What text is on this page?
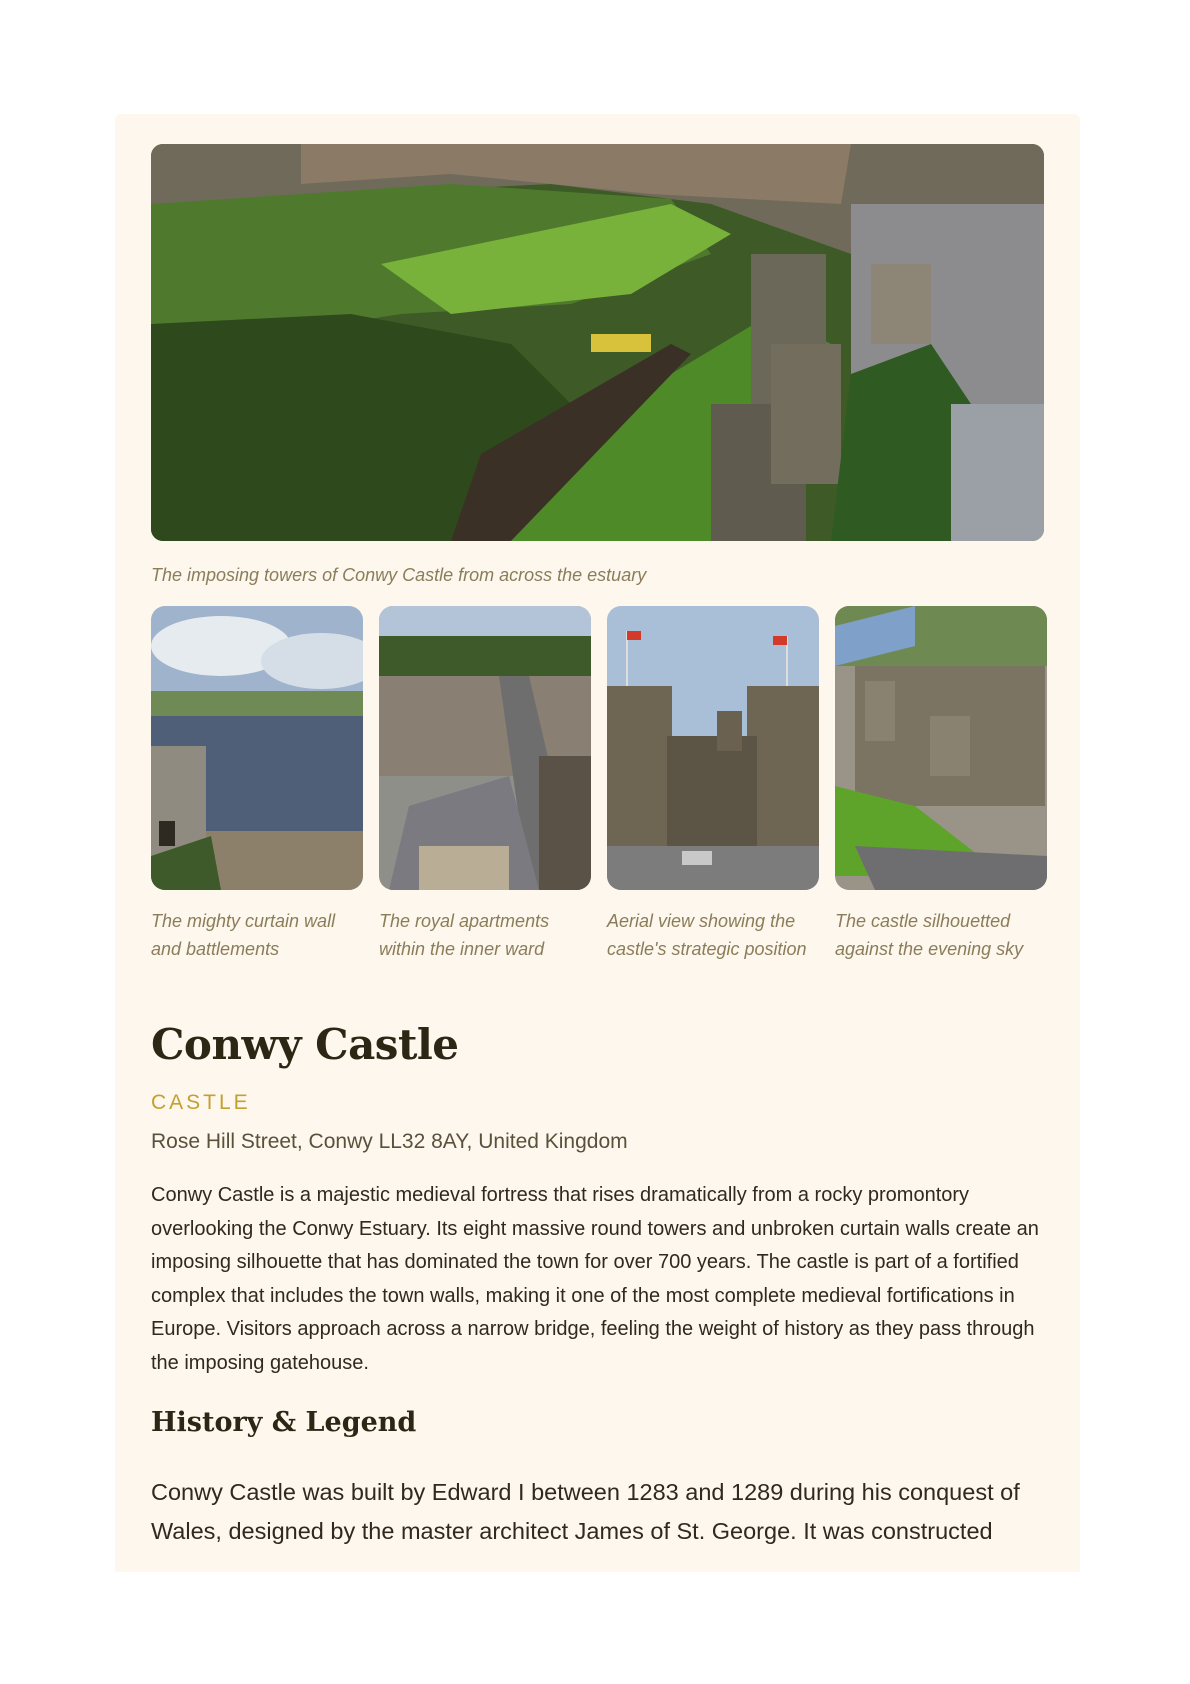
The imposing towers of Conwy Castle from across the estuary
The mighty curtain wall and battlements
The royal apartments within the inner ward
Aerial view showing the castle's strategic position
The castle silhouetted against the evening sky
Conwy Castle
CASTLE
Rose Hill Street, Conwy LL32 8AY, United Kingdom

Conwy Castle is a majestic medieval fortress that rises dramatically from a rocky promontory overlooking the Conwy Estuary. Its eight massive round towers and unbroken curtain walls create an imposing silhouette that has dominated the town for over 700 years. The castle is part of a fortified complex that includes the town walls, making it one of the most complete medieval fortifications in Europe. Visitors approach across a narrow bridge, feeling the weight of history as they pass through the imposing gatehouse.

History & Legend

Conwy Castle was built by Edward I between 1283 and 1289 during his conquest of Wales, designed by the master architect James of St. George. It was constructed
